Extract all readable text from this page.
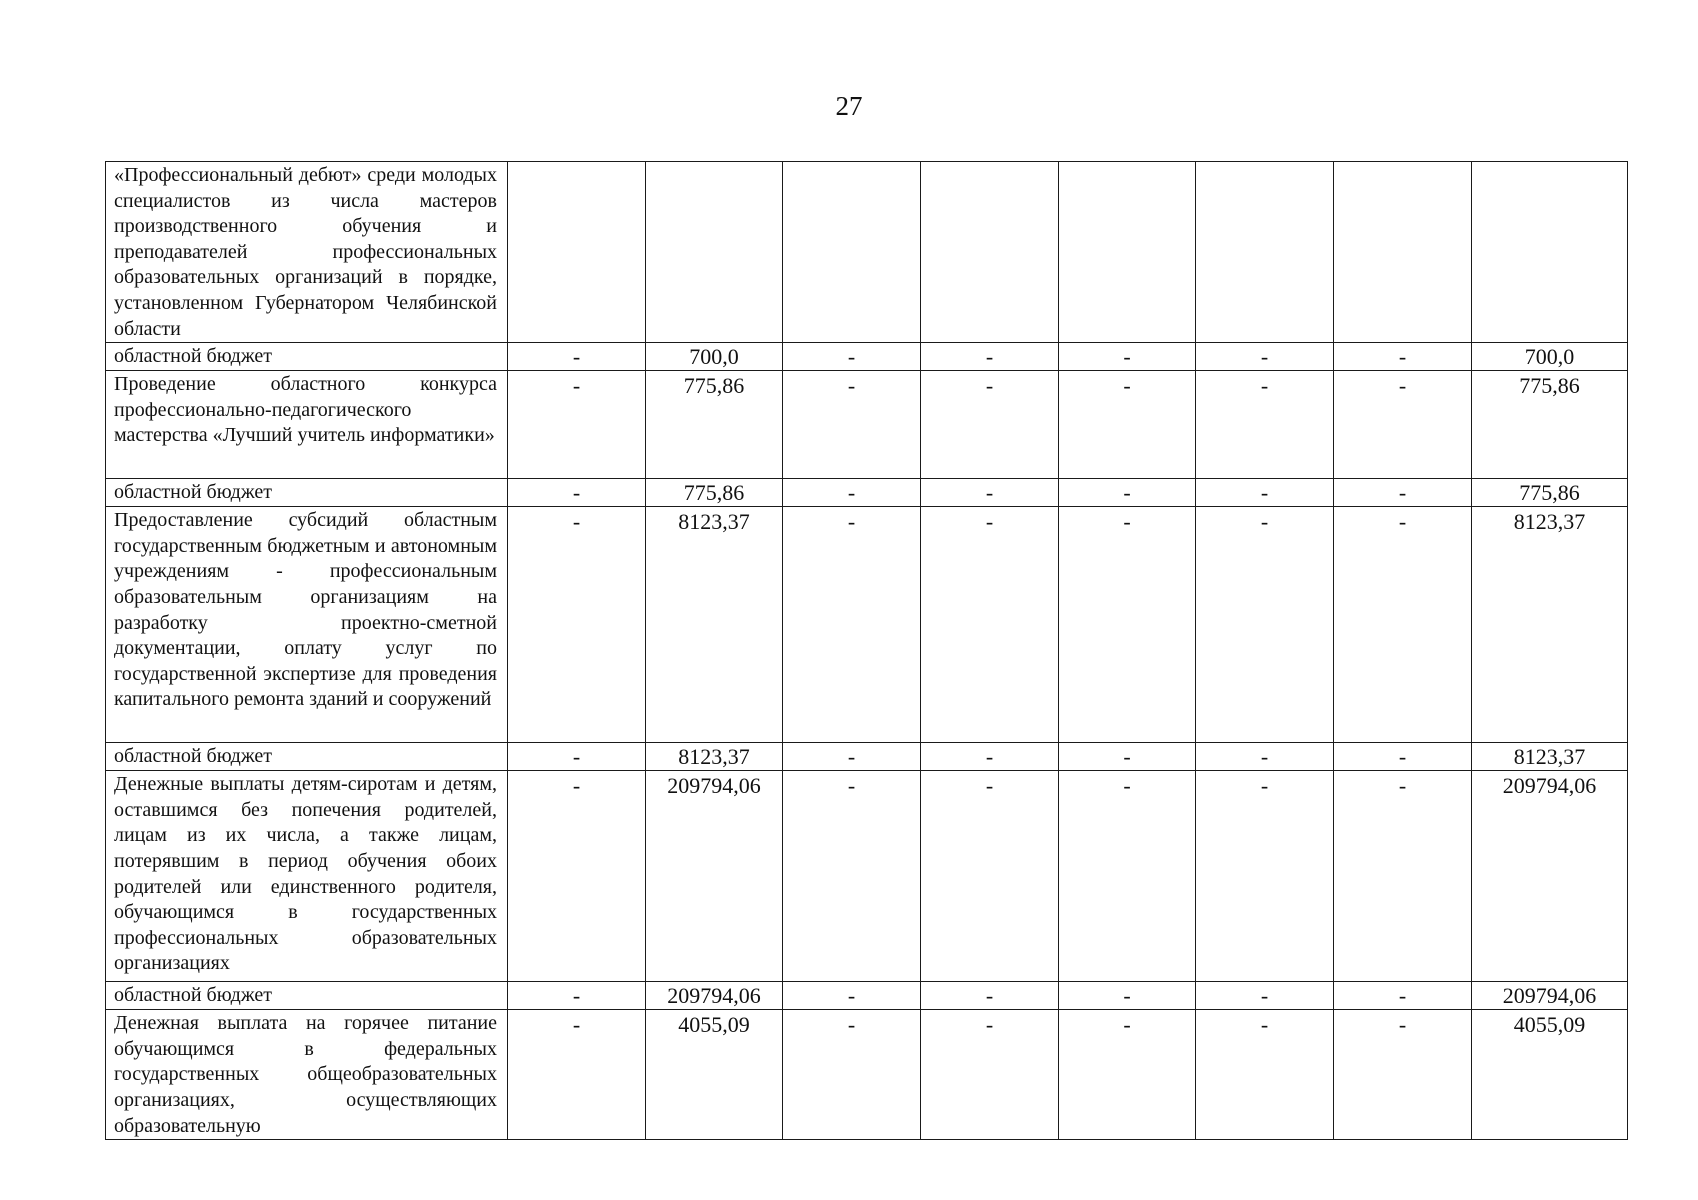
27
«Профессиональный дебют» среди молодых специалистов из числа мастеров производственного обучения и преподавателей профессиональных образовательных организаций в порядке, установленном Губернатором Челябинской области								
областной бюджет	-	700,0	-	-	-	-	-	700,0
Проведение областного конкурса профессионально-педагогического мастерства «Лучший учитель информатики»	-	775,86	-	-	-	-	-	775,86
областной бюджет	-	775,86	-	-	-	-	-	775,86
Предоставление субсидий областным государственным бюджетным и автономным учреждениям - профессиональным образовательным организациям на разработку проектно-сметной документации, оплату услуг по государственной экспертизе для проведения капитального ремонта зданий и сооружений	-	8123,37	-	-	-	-	-	8123,37
областной бюджет	-	8123,37	-	-	-	-	-	8123,37
Денежные выплаты детям-сиротам и детям, оставшимся без попечения родителей, лицам из их числа, а также лицам, потерявшим в период обучения обоих родителей или единственного родителя, обучающимся в государственных профессиональных образовательных организациях	-	209794,06	-	-	-	-	-	209794,06
областной бюджет	-	209794,06	-	-	-	-	-	209794,06
Денежная выплата на горячее питание обучающимся в федеральных государственных общеобразовательных организациях, осуществляющих образовательную	-	4055,09	-	-	-	-	-	4055,09
